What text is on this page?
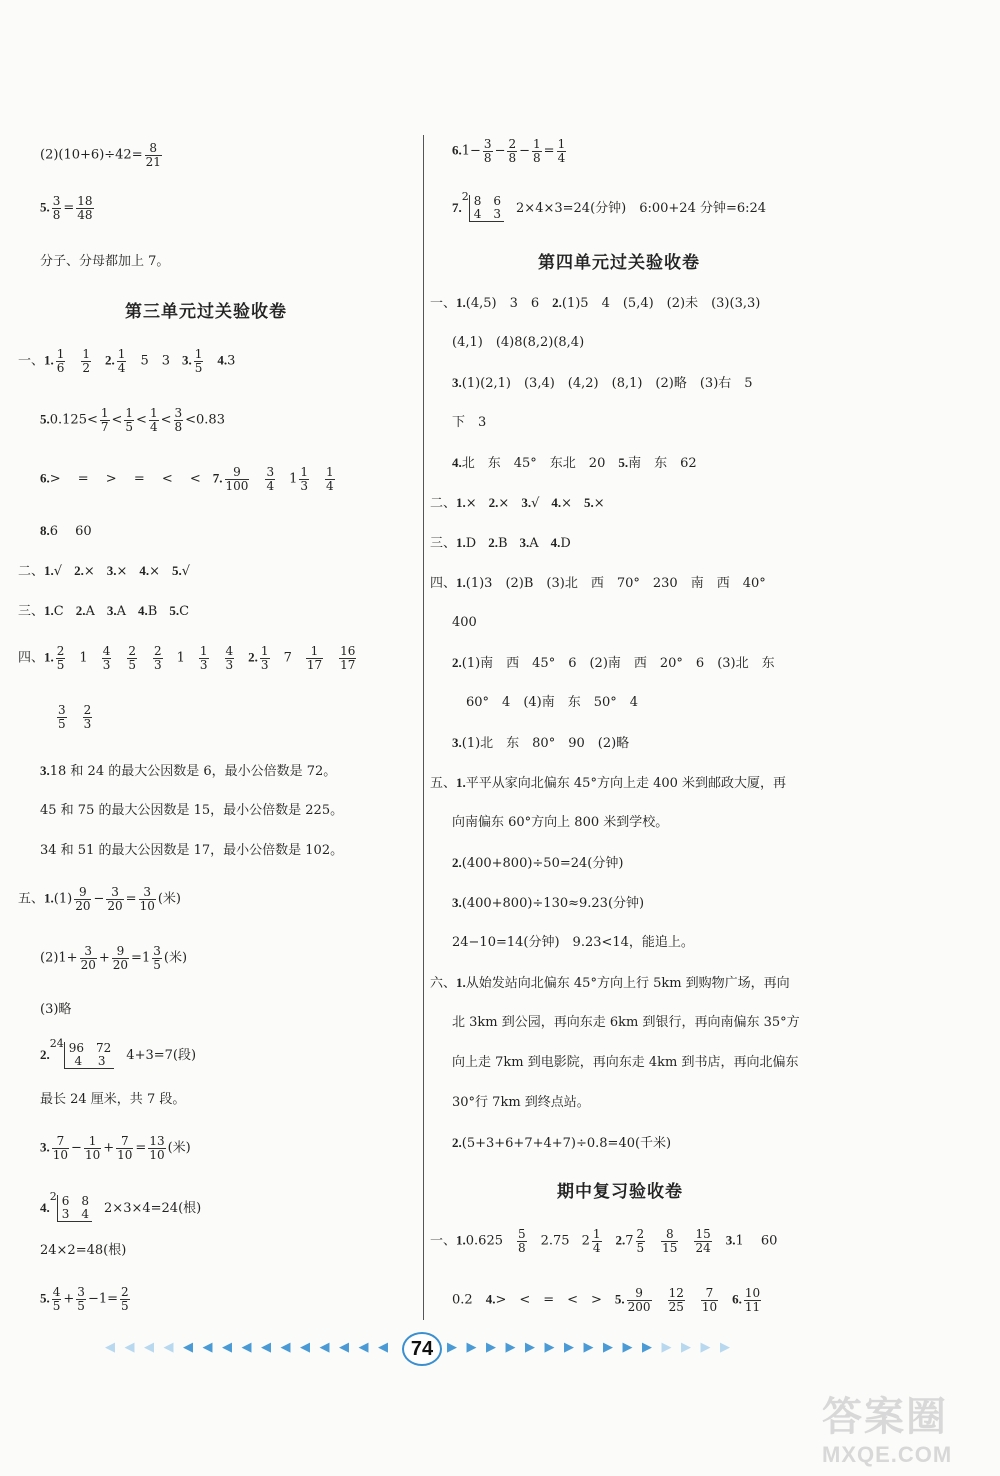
$(2)(10+6)\div 42= \frac{8}{21}$
5. $\frac{3}{8} = \frac{18}{48}$
分子、分母都加上 7。
第三单元过关验收卷
一、1. $\frac{1}{6} \frac{1}{2} 2$. $\frac{1}{4} 5$　3 3. $\frac{1}{5} 4.3$
$5.0.125< \frac{1}{7} < \frac{1}{5} < \frac{1}{4} < \frac{3}{8} <0.83$
6.> 　=　 > 　=　 <　 < 7. $\frac{9}{100} \frac{3}{4} 1 \frac{1}{3} \frac{1}{4}$
8.6　 60
二、1.√ 2.× 3.× 4.× 5.√
三、1.C 2.A 3.A 4.B 5.C
四、1. $\frac{2}{5} 1 \frac{4}{3} \frac{2}{5} \frac{2}{3} 1 \frac{1}{3} \frac{4}{3} 2$. $\frac{1}{3} 7 \frac{1}{17} \frac{16}{17}$
$\frac{3}{5} \frac{2}{3}$
3.18 和 24 的最大公因数是 6，最小公倍数是 72。
45 和 75 的最大公因数是 15，最小公倍数是 225。
34 和 51 的最大公因数是 17，最小公倍数是 102。
五、$1.(1) \frac{9}{20} - \frac{3}{20} = \frac{3}{10}$ (米)
$(2)1+ \frac{3}{20} + \frac{9}{20} =1 \frac{3}{5}$ (米)
(3)略
2.24 96　72
4　 3	4+3=7(段)
最长 24 厘米，共 7 段。
3. $\frac{7}{10} - \frac{1}{10} + \frac{7}{10} = \frac{13}{10}$ (米)
4.2 6　8
3　4 2×3×4=24(根)
24×2=48(根)
5. $\frac{4}{5} + \frac{3}{5} -1= \frac{2}{5}$
$6.1- \frac{3}{8} - \frac{2}{8} - \frac{1}{8} = \frac{1}{4}$
7.2 8　6
4　3 2×4×3=24(分钟)　6:00+24 分钟=6:24
第四单元过关验收卷
一、1.(4,5)　3　6　2.(1)5　4　(5,4)　(2)未　(3)(3,3)
(4,1)　(4)8(8,2)(8,4)
3.(1)(2,1)　(3,4)　(4,2)　(8,1)　(2)略　(3)右　5
下　3
4.北　东　45°　东北　20　5.南　东　62
二、1.× 2.× 3.√ 4.× 5.×
三、1.D 2.B 3.A 4.D
四、1.(1)3　(2)B　(3)北　西　70°　230　南　西　40°
400
2.(1)南　西　45°　6　(2)南　西　20°　6　(3)北　东
60°　4　(4)南　东　50°　4
3.(1)北　东　80°　90　(2)略
五、1.平平从家向北偏东 45°方向上走 400 米到邮政大厦，再
向南偏东 60°方向上 800 米到学校。
2.(400+800)÷50=24(分钟)
3.(400+800)÷130≈9.23(分钟)
24−10=14(分钟)　9.23<14，能追上。
六、1.从始发站向北偏东 45°方向上行 5km 到购物广场，再向
北 3km 到公园，再向东走 6km 到银行，再向南偏东 35°方
向上走 7km 到电影院，再向东走 4km 到书店，再向北偏东
30°行 7km 到终点站。
2.(5+3+6+7+4+7)÷0.8=40(千米)
期中复习验收卷
一、$1.0.625 \frac{5}{8} 2.75$ $2 \frac{1}{4} 2.7 \frac{2}{5} \frac{8}{15} \frac{15}{24} 3.1$　 60
0.2　4.>　<　=　<　>　5. $\frac{9}{200} \frac{12}{25} \frac{7}{10} 6$. $\frac{10}{11}$
◀ ◀ ◀ ◀ ◀ ◀ ◀ ◀ ◀ ◀ ◀ ◀ ◀ ◀ ◀	74	▶ ▶ ▶ ▶ ▶ ▶ ▶ ▶ ▶ ▶ ▶ ▶ ▶ ▶ ▶
答案圈
MXQE.COM
